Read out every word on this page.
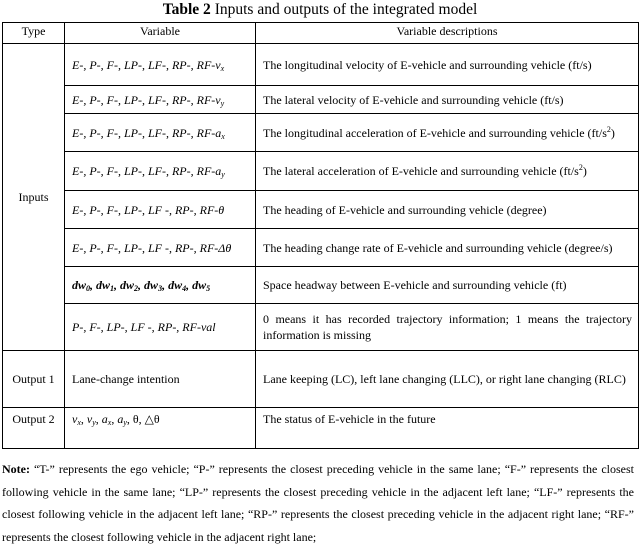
Table 2 Inputs and outputs of the integrated model
Type	Variable	Variable descriptions
Inputs	E-, P-, F-, LP-, LF-, RP-, $RF-v_x$	The longitudinal velocity of E-vehicle and surrounding vehicle (ft/s)
	E-, P-, F-, LP-, LF-, RP-, $RF-v_y$	The lateral velocity of E-vehicle and surrounding vehicle (ft/s)
	E-, P-, F-, LP-, LF-, RP-, $RF-a_x$	The longitudinal acceleration of E-vehicle and surrounding vehicle $(ft/s^2)$
	E-, P-, F-, LP-, LF-, RP-, $RF-a_y$	The lateral acceleration of E-vehicle and surrounding vehicle $(ft/s^2)$
	E-, P-, F-, LP-, LF -, RP-, RF-θ	The heading of E-vehicle and surrounding vehicle (degree)
	E-, P-, F-, LP-, LF -, RP-, RF-Δθ	The heading change rate of E-vehicle and surrounding vehicle (degree/s)
	$dw_0$, $dw_1$, $dw_2$, $dw_3$, $dw_4$, $dw_5$	Space headway between E-vehicle and surrounding vehicle (ft)
	P-, F-, LP-, LF -, RP-, RF-val	0 means it has recorded trajectory information; 1 means the trajectory information is missing
Output 1	Lane-change intention	Lane keeping (LC), left lane changing (LLC), or right lane changing (RLC)
Output 2	$v_x$, $v_y$, $a_x$, $a_y$, θ, △θ	The status of E-vehicle in the future
Note: “T-” represents the ego vehicle; “P-” represents the closest preceding vehicle in the same lane; “F-” represents the closest following vehicle in the same lane; “LP-” represents the closest preceding vehicle in the adjacent left lane; “LF-” represents the closest following vehicle in the adjacent left lane; “RP-” represents the closest preceding vehicle in the adjacent right lane; “RF-” represents the closest following vehicle in the adjacent right lane;
